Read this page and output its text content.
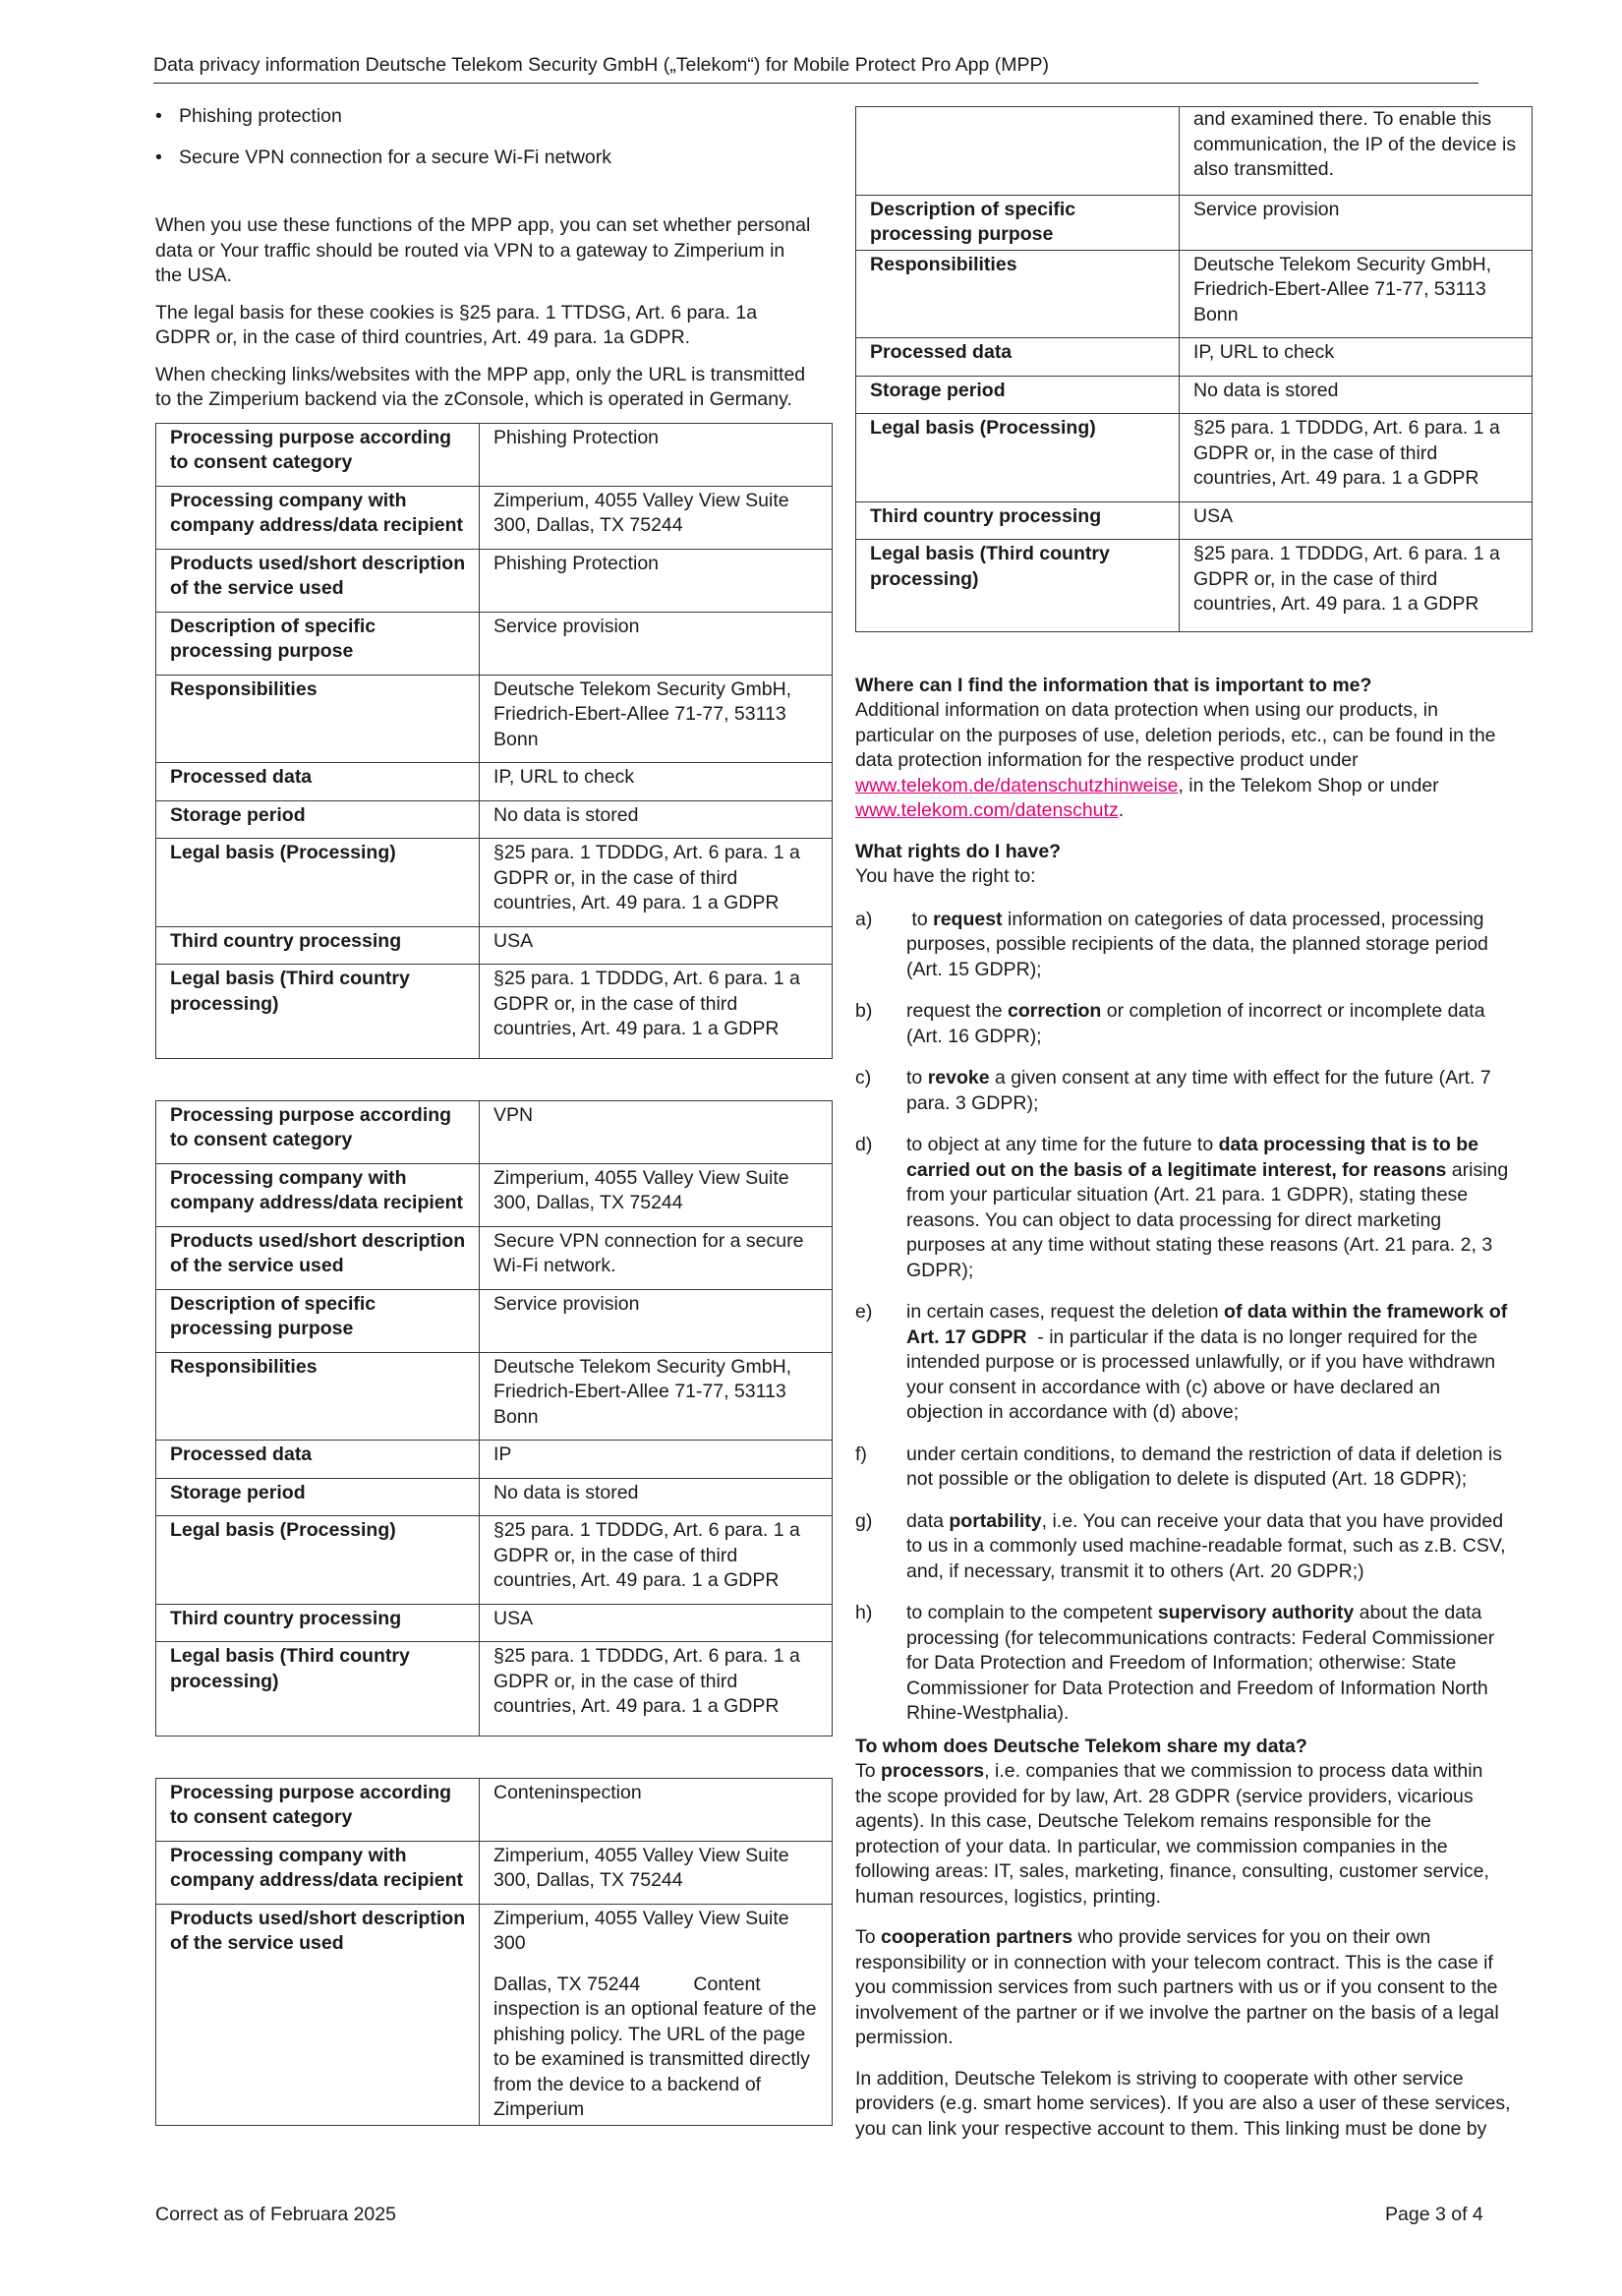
Data privacy information Deutsche Telekom Security GmbH („Telekom“) for Mobile Protect Pro App (MPP)
• Phishing protection
• Secure VPN connection for a secure Wi-Fi network

When you use these functions of the MPP app, you can set whether personal data or Your traffic should be routed via VPN to a gateway to Zimperium in the USA.

The legal basis for these cookies is §25 para. 1 TTDSG, Art. 6 para. 1a GDPR or, in the case of third countries, Art. 49 para. 1a GDPR.

When checking links/websites with the MPP app, only the URL is transmitted to the Zimperium backend via the zConsole, which is operated in Germany.

Processing purpose according to consent category	Phishing Protection
Processing company with company address/data recipient	Zimperium, 4055 Valley View Suite 300, Dallas, TX 75244
Products used/short description of the service used	Phishing Protection
Description of specific processing purpose	Service provision
Responsibilities	Deutsche Telekom Security GmbH, Friedrich-Ebert-Allee 71-77, 53113 Bonn
Processed data	IP, URL to check
Storage period	No data is stored
Legal basis (Processing)	§25 para. 1 TDDDG, Art. 6 para. 1 a GDPR or, in the case of third countries, Art. 49 para. 1 a GDPR
Third country processing	USA
Legal basis (Third country processing)	§25 para. 1 TDDDG, Art. 6 para. 1 a GDPR or, in the case of third countries, Art. 49 para. 1 a GDPR
Processing purpose according to consent category	VPN
Processing company with company address/data recipient	Zimperium, 4055 Valley View Suite 300, Dallas, TX 75244
Products used/short description of the service used	Secure VPN connection for a secure Wi-Fi network.
Description of specific processing purpose	Service provision
Responsibilities	Deutsche Telekom Security GmbH, Friedrich-Ebert-Allee 71-77, 53113 Bonn
Processed data	IP
Storage period	No data is stored
Legal basis (Processing)	§25 para. 1 TDDDG, Art. 6 para. 1 a GDPR or, in the case of third countries, Art. 49 para. 1 a GDPR
Third country processing	USA
Legal basis (Third country processing)	§25 para. 1 TDDDG, Art. 6 para. 1 a GDPR or, in the case of third countries, Art. 49 para. 1 a GDPR
Processing purpose according to consent category	Conteninspection
Processing company with company address/data recipient	Zimperium, 4055 Valley View Suite 300, Dallas, TX 75244
Products used/short description of the service used	Zimperium, 4055 Valley View Suite 300

Dallas, TX 75244          Content inspection is an optional feature of the phishing policy. The URL of the page to be examined is transmitted directly from the device to a backend of Zimperium

	and examined there. To enable this communication, the IP of the device is also transmitted.
Description of specific processing purpose	Service provision
Responsibilities	Deutsche Telekom Security GmbH, Friedrich-Ebert-Allee 71-77, 53113 Bonn
Processed data	IP, URL to check
Storage period	No data is stored
Legal basis (Processing)	§25 para. 1 TDDDG, Art. 6 para. 1 a GDPR or, in the case of third countries, Art. 49 para. 1 a GDPR
Third country processing	USA
Legal basis (Third country processing)	§25 para. 1 TDDDG, Art. 6 para. 1 a GDPR or, in the case of third countries, Art. 49 para. 1 a GDPR
Where can I find the information that is important to me?

Additional information on data protection when using our products, in particular on the purposes of use, deletion periods, etc., can be found in the data protection information for the respective product under www.telekom.de/datenschutzhinweise, in the Telekom Shop or under www.telekom.com/datenschutz.

What rights do I have?
You have the right to:
a)	to request information on categories of data processed, processing purposes, possible recipients of the data, the planned storage period (Art. 15 GDPR);
b)	request the correction or completion of incorrect or incomplete data (Art. 16 GDPR);
c)	to revoke a given consent at any time with effect for the future (Art. 7 para. 3 GDPR);
d)	to object at any time for the future to data processing that is to be carried out on the basis of a legitimate interest, for reasons arising from your particular situation (Art. 21 para. 1 GDPR), stating these reasons. You can object to data processing for direct marketing purposes at any time without stating these reasons (Art. 21 para. 2, 3 GDPR);
e)	in certain cases, request the deletion of data within the framework of Art. 17 GDPR  - in particular if the data is no longer required for the intended purpose or is processed unlawfully, or if you have withdrawn your consent in accordance with (c) above or have declared an objection in accordance with (d) above;
f)	under certain conditions, to demand the restriction of data if deletion is not possible or the obligation to delete is disputed (Art. 18 GDPR);
g)	data portability, i.e. You can receive your data that you have provided to us in a commonly used machine-readable format, such as z.B. CSV, and, if necessary, transmit it to others (Art. 20 GDPR;)
h)	to complain to the competent supervisory authority about the data processing (for telecommunications contracts: Federal Commissioner for Data Protection and Freedom of Information; otherwise: State Commissioner for Data Protection and Freedom of Information North Rhine-Westphalia).
To whom does Deutsche Telekom share my data?

To processors, i.e. companies that we commission to process data within the scope provided for by law, Art. 28 GDPR (service providers, vicarious agents). In this case, Deutsche Telekom remains responsible for the protection of your data. In particular, we commission companies in the following areas: IT, sales, marketing, finance, consulting, customer service, human resources, logistics, printing.

To cooperation partners who provide services for you on their own responsibility or in connection with your telecom contract. This is the case if you commission services from such partners with us or if you consent to the involvement of the partner or if we involve the partner on the basis of a legal permission.

In addition, Deutsche Telekom is striving to cooperate with other service providers (e.g. smart home services). If you are also a user of these services, you can link your respective account to them. This linking must be done by

Correct as of Februara 2025	Page 3 of 4
